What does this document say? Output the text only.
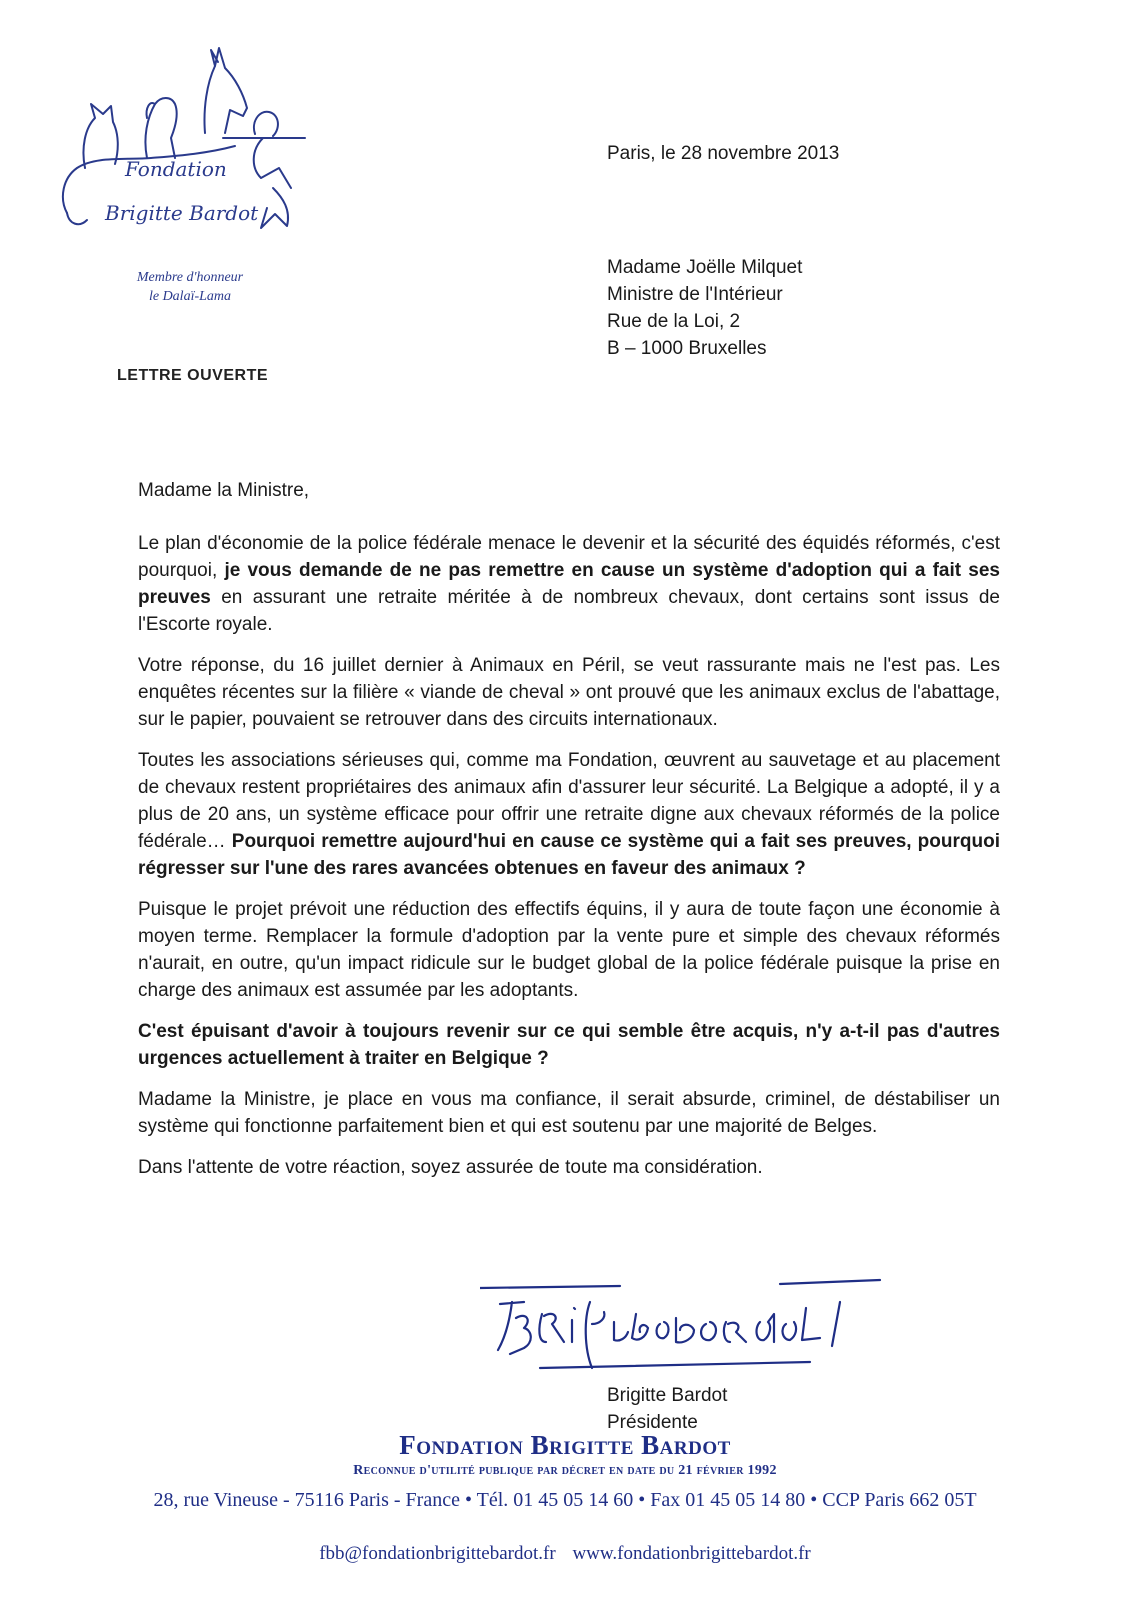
Fondation
Brigitte Bardot
Membre d'honneur
le Dalaï-Lama
Paris, le 28 novembre 2013
Madame Joëlle Milquet
Ministre de l'Intérieur
Rue de la Loi, 2
B – 1000 Bruxelles
LETTRE OUVERTE
Madame la Ministre,

Le plan d'économie de la police fédérale menace le devenir et la sécurité des équidés réformés, c'est pourquoi, je vous demande de ne pas remettre en cause un système d'adoption qui a fait ses preuves en assurant une retraite méritée à de nombreux chevaux, dont certains sont issus de l'Escorte royale.

Votre réponse, du 16 juillet dernier à Animaux en Péril, se veut rassurante mais ne l'est pas. Les enquêtes récentes sur la filière « viande de cheval » ont prouvé que les animaux exclus de l'abattage, sur le papier, pouvaient se retrouver dans des circuits internationaux.

Toutes les associations sérieuses qui, comme ma Fondation, œuvrent au sauvetage et au placement de chevaux restent propriétaires des animaux afin d'assurer leur sécurité. La Belgique a adopté, il y a plus de 20 ans, un système efficace pour offrir une retraite digne aux chevaux réformés de la police fédérale… Pourquoi remettre aujourd'hui en cause ce système qui a fait ses preuves, pourquoi régresser sur l'une des rares avancées obtenues en faveur des animaux ?

Puisque le projet prévoit une réduction des effectifs équins, il y aura de toute façon une économie à moyen terme. Remplacer la formule d'adoption par la vente pure et simple des chevaux réformés n'aurait, en outre, qu'un impact ridicule sur le budget global de la police fédérale puisque la prise en charge des animaux est assumée par les adoptants.

C'est épuisant d'avoir à toujours revenir sur ce qui semble être acquis, n'y a-t-il pas d'autres urgences actuellement à traiter en Belgique ?

Madame la Ministre, je place en vous ma confiance, il serait absurde, criminel, de déstabiliser un système qui fonctionne parfaitement bien et qui est soutenu par une majorité de Belges.

Dans l'attente de votre réaction, soyez assurée de toute ma considération.

Brigitte Bardot
Présidente
Fondation Brigitte Bardot
Reconnue d'utilité publique par décret en date du 21 février 1992
28, rue Vineuse - 75116 Paris - France • Tél. 01 45 05 14 60 • Fax 01 45 05 14 80 • CCP Paris 662 05T
fbb@fondationbrigittebardot.fr www.fondationbrigittebardot.fr
